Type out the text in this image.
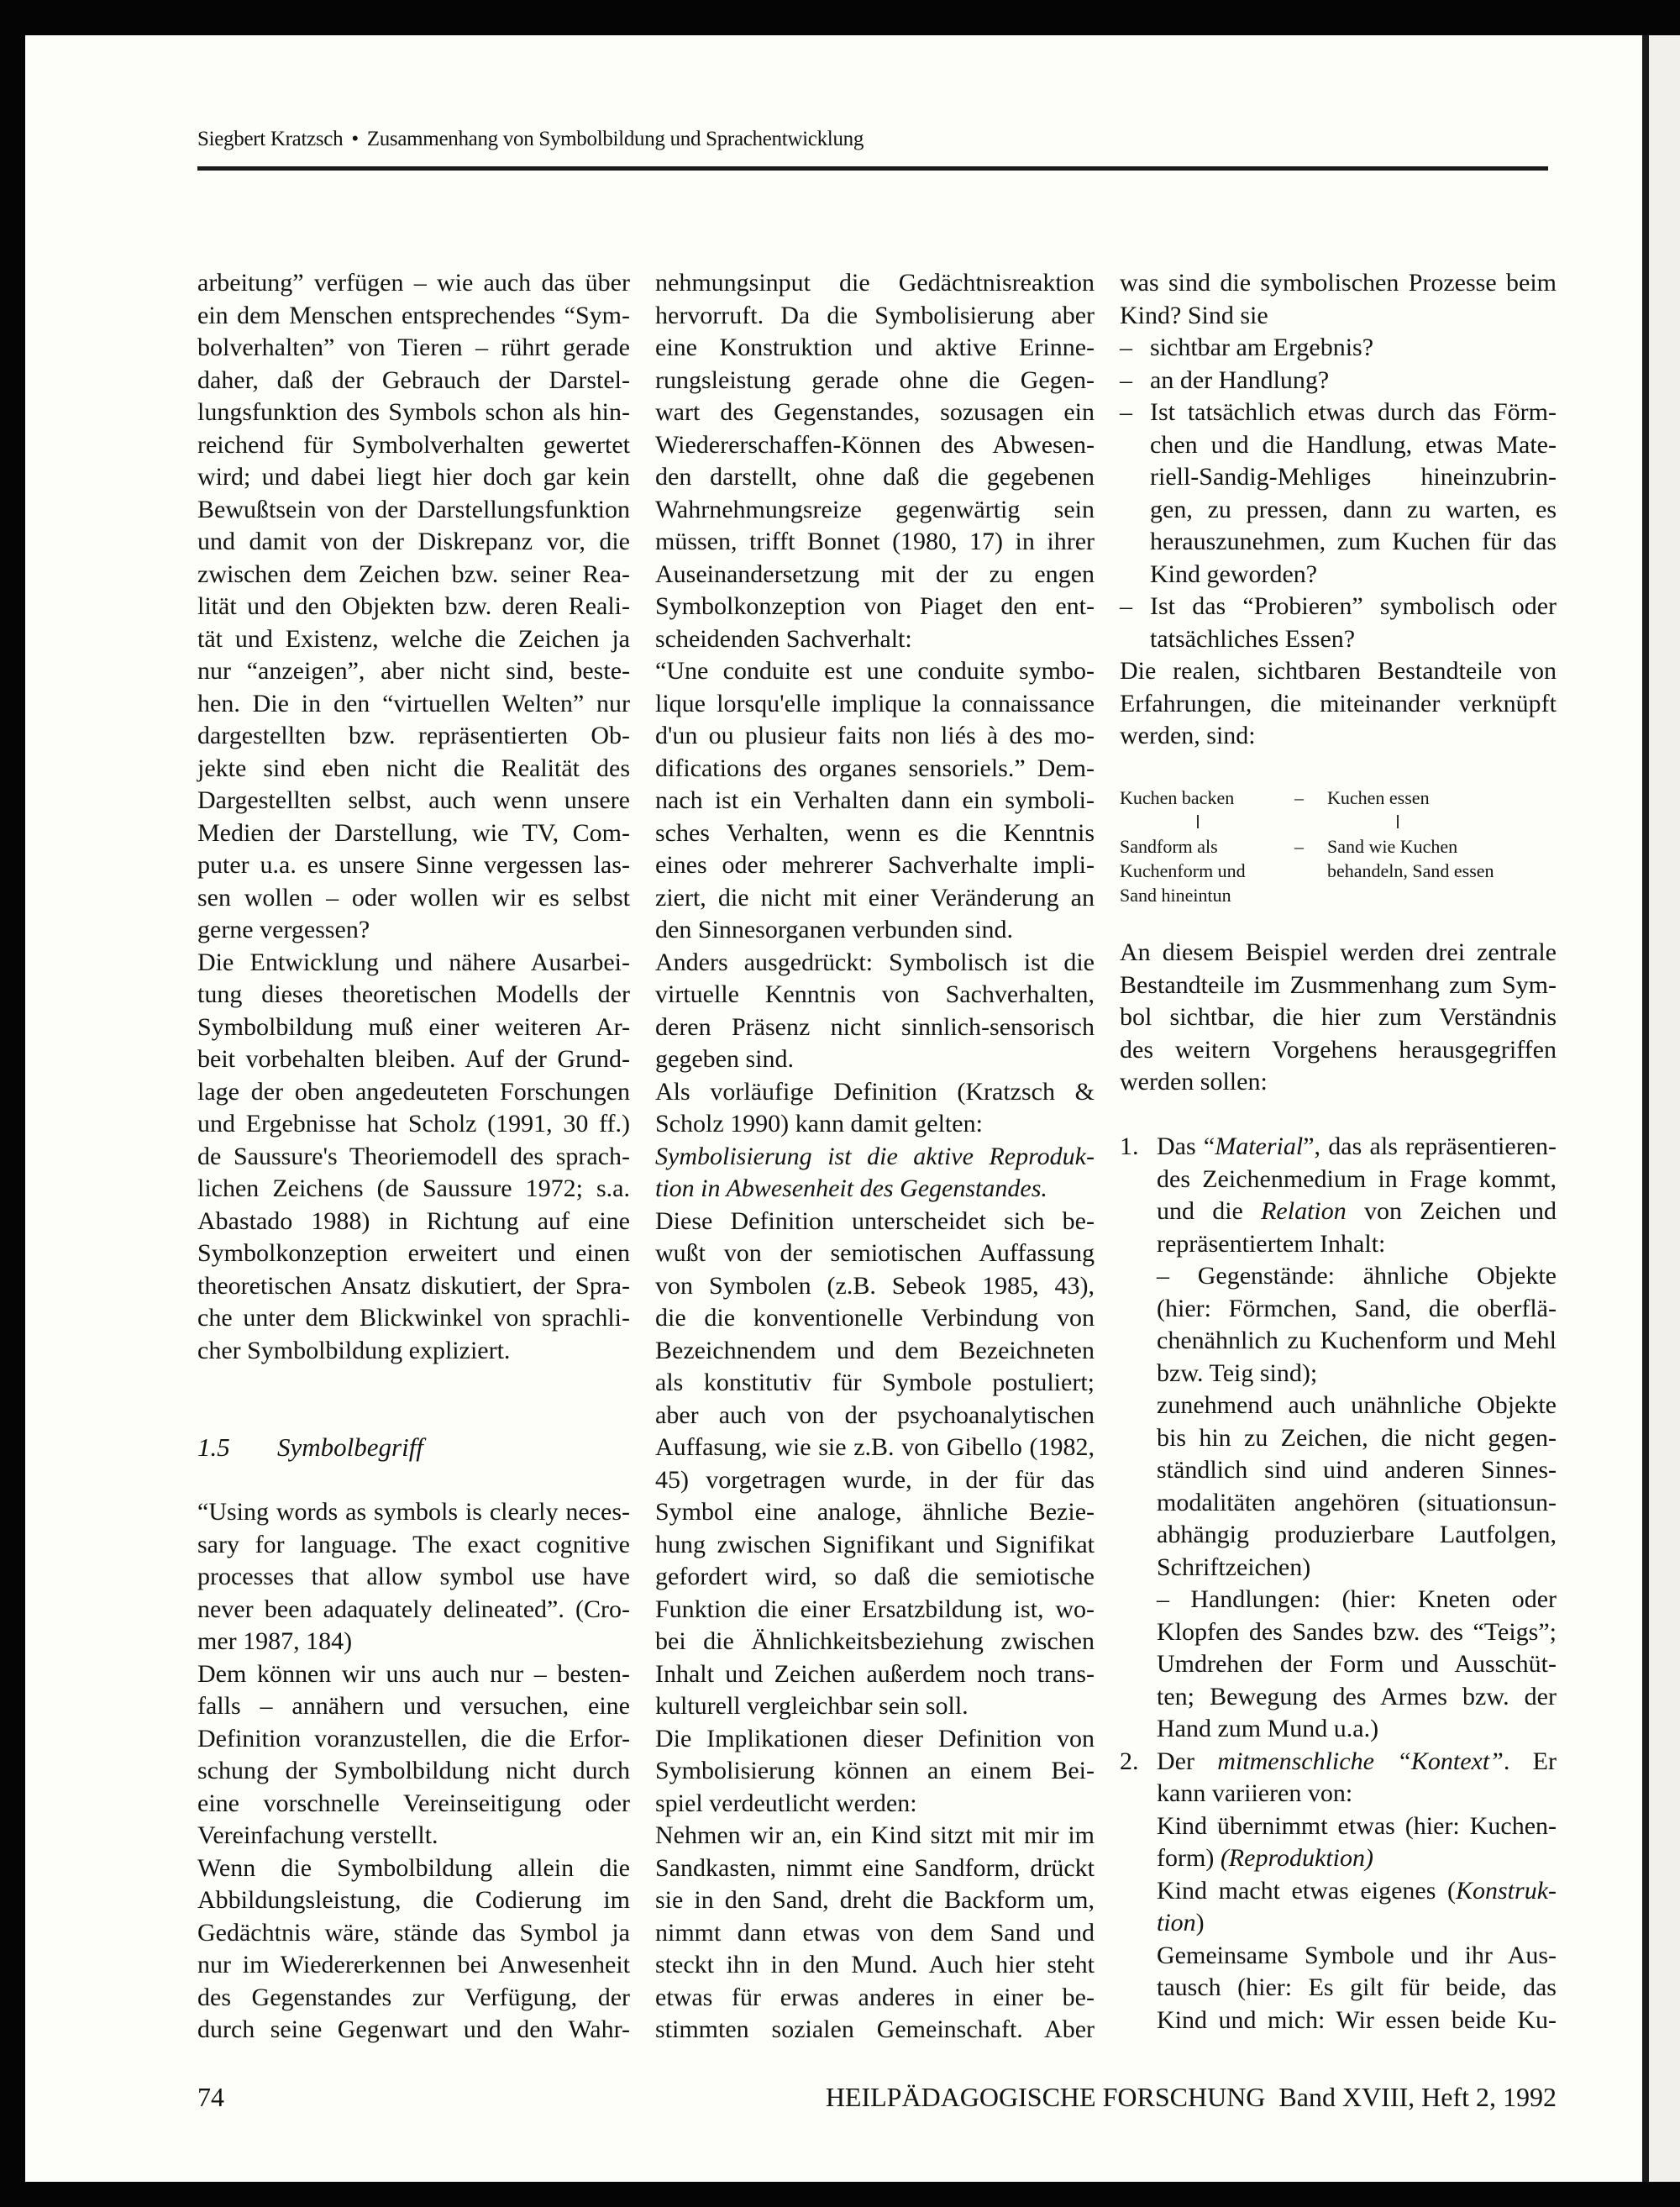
Siegbert Kratzsch • Zusammenhang von Symbolbildung und Sprachentwicklung
arbeitung” verfügen – wie auch das über
ein dem Menschen entsprechendes “Sym-
bolverhalten” von Tieren – rührt gerade
daher, daß der Gebrauch der Darstel-
lungsfunktion des Symbols schon als hin-
reichend für Symbolverhalten gewertet
wird; und dabei liegt hier doch gar kein
Bewußtsein von der Darstellungsfunktion
und damit von der Diskrepanz vor, die
zwischen dem Zeichen bzw. seiner Rea-
lität und den Objekten bzw. deren Reali-
tät und Existenz, welche die Zeichen ja
nur “anzeigen”, aber nicht sind, beste-
hen. Die in den “virtuellen Welten” nur
dargestellten bzw. repräsentierten Ob-
jekte sind eben nicht die Realität des
Dargestellten selbst, auch wenn unsere
Medien der Darstellung, wie TV, Com-
puter u.a. es unsere Sinne vergessen las-
sen wollen – oder wollen wir es selbst
gerne vergessen?
Die Entwicklung und nähere Ausarbei-
tung dieses theoretischen Modells der
Symbolbildung muß einer weiteren Ar-
beit vorbehalten bleiben. Auf der Grund-
lage der oben angedeuteten Forschungen
und Ergebnisse hat Scholz (1991, 30 ff.)
de Saussure's Theoriemodell des sprach-
lichen Zeichens (de Saussure 1972; s.a.
Abastado 1988) in Richtung auf eine
Symbolkonzeption erweitert und einen
theoretischen Ansatz diskutiert, der Spra-
che unter dem Blickwinkel von sprachli-
cher Symbolbildung expliziert.
1.5 Symbolbegriff
“Using words as symbols is clearly neces-
sary for language. The exact cognitive
processes that allow symbol use have
never been adaquately delineated”. (Cro-
mer 1987, 184)
Dem können wir uns auch nur – besten-
falls – annähern und versuchen, eine
Definition voranzustellen, die die Erfor-
schung der Symbolbildung nicht durch
eine vorschnelle Vereinseitigung oder
Vereinfachung verstellt.
Wenn die Symbolbildung allein die
Abbildungsleistung, die Codierung im
Gedächtnis wäre, stände das Symbol ja
nur im Wiedererkennen bei Anwesenheit
des Gegenstandes zur Verfügung, der
durch seine Gegenwart und den Wahr-
nehmungsinput die Gedächtnisreaktion
hervorruft. Da die Symbolisierung aber
eine Konstruktion und aktive Erinne-
rungsleistung gerade ohne die Gegen-
wart des Gegenstandes, sozusagen ein
Wiedererschaffen-Können des Abwesen-
den darstellt, ohne daß die gegebenen
Wahrnehmungsreize gegenwärtig sein
müssen, trifft Bonnet (1980, 17) in ihrer
Auseinandersetzung mit der zu engen
Symbolkonzeption von Piaget den ent-
scheidenden Sachverhalt:
“Une conduite est une conduite symbo-
lique lorsqu'elle implique la connaissance
d'un ou plusieur faits non liés à des mo-
difications des organes sensoriels.” Dem-
nach ist ein Verhalten dann ein symboli-
sches Verhalten, wenn es die Kenntnis
eines oder mehrerer Sachverhalte impli-
ziert, die nicht mit einer Veränderung an
den Sinnesorganen verbunden sind.
Anders ausgedrückt: Symbolisch ist die
virtuelle Kenntnis von Sachverhalten,
deren Präsenz nicht sinnlich-sensorisch
gegeben sind.
Als vorläufige Definition (Kratzsch &
Scholz 1990) kann damit gelten:
Symbolisierung ist die aktive Reproduk-
tion in Abwesenheit des Gegenstandes.
Diese Definition unterscheidet sich be-
wußt von der semiotischen Auffassung
von Symbolen (z.B. Sebeok 1985, 43),
die die konventionelle Verbindung von
Bezeichnendem und dem Bezeichneten
als konstitutiv für Symbole postuliert;
aber auch von der psychoanalytischen
Auffasung, wie sie z.B. von Gibello (1982,
45) vorgetragen wurde, in der für das
Symbol eine analoge, ähnliche Bezie-
hung zwischen Signifikant und Signifikat
gefordert wird, so daß die semiotische
Funktion die einer Ersatzbildung ist, wo-
bei die Ähnlichkeitsbeziehung zwischen
Inhalt und Zeichen außerdem noch trans-
kulturell vergleichbar sein soll.
Die Implikationen dieser Definition von
Symbolisierung können an einem Bei-
spiel verdeutlicht werden:
Nehmen wir an, ein Kind sitzt mit mir im
Sandkasten, nimmt eine Sandform, drückt
sie in den Sand, dreht die Backform um,
nimmt dann etwas von dem Sand und
steckt ihn in den Mund. Auch hier steht
etwas für erwas anderes in einer be-
stimmten sozialen Gemeinschaft. Aber
was sind die symbolischen Prozesse beim
Kind? Sind sie
– sichtbar am Ergebnis?
– an der Handlung?
– Ist tatsächlich etwas durch das Förm-
chen und die Handlung, etwas Mate-
riell-Sandig-Mehliges hineinzubrin-
gen, zu pressen, dann zu warten, es
herauszunehmen, zum Kuchen für das
Kind geworden?
– Ist das “Probieren” symbolisch oder
tatsächliches Essen?
Die realen, sichtbaren Bestandteile von
Erfahrungen, die miteinander verknüpft
werden, sind:
Kuchen backen	– Kuchen essen
Sandform als
Kuchenform und
Sand hineintun
– Sand wie Kuchen
behandeln, Sand essen
An diesem Beispiel werden drei zentrale
Bestandteile im Zusmmenhang zum Sym-
bol sichtbar, die hier zum Verständnis
des weitern Vorgehens herausgegriffen
werden sollen:
1. Das “Material”, das als repräsentieren-
des Zeichenmedium in Frage kommt,
und die Relation von Zeichen und
repräsentiertem Inhalt:
– Gegenstände: ähnliche Objekte
(hier: Förmchen, Sand, die oberflä-
chenähnlich zu Kuchenform und Mehl
bzw. Teig sind);
zunehmend auch unähnliche Objekte
bis hin zu Zeichen, die nicht gegen-
ständlich sind uind anderen Sinnes-
modalitäten angehören (situationsun-
abhängig produzierbare Lautfolgen,
Schriftzeichen)
– Handlungen: (hier: Kneten oder
Klopfen des Sandes bzw. des “Teigs”;
Umdrehen der Form und Ausschüt-
ten; Bewegung des Armes bzw. der
Hand zum Mund u.a.)
2. Der mitmenschliche “Kontext”. Er
kann variieren von:
Kind übernimmt etwas (hier: Kuchen-
form) (Reproduktion)
Kind macht etwas eigenes (Konstruk-
tion)
Gemeinsame Symbole und ihr Aus-
tausch (hier: Es gilt für beide, das
Kind und mich: Wir essen beide Ku-
74	HEILPÄDAGOGISCHE FORSCHUNG Band XVIII, Heft 2, 1992
